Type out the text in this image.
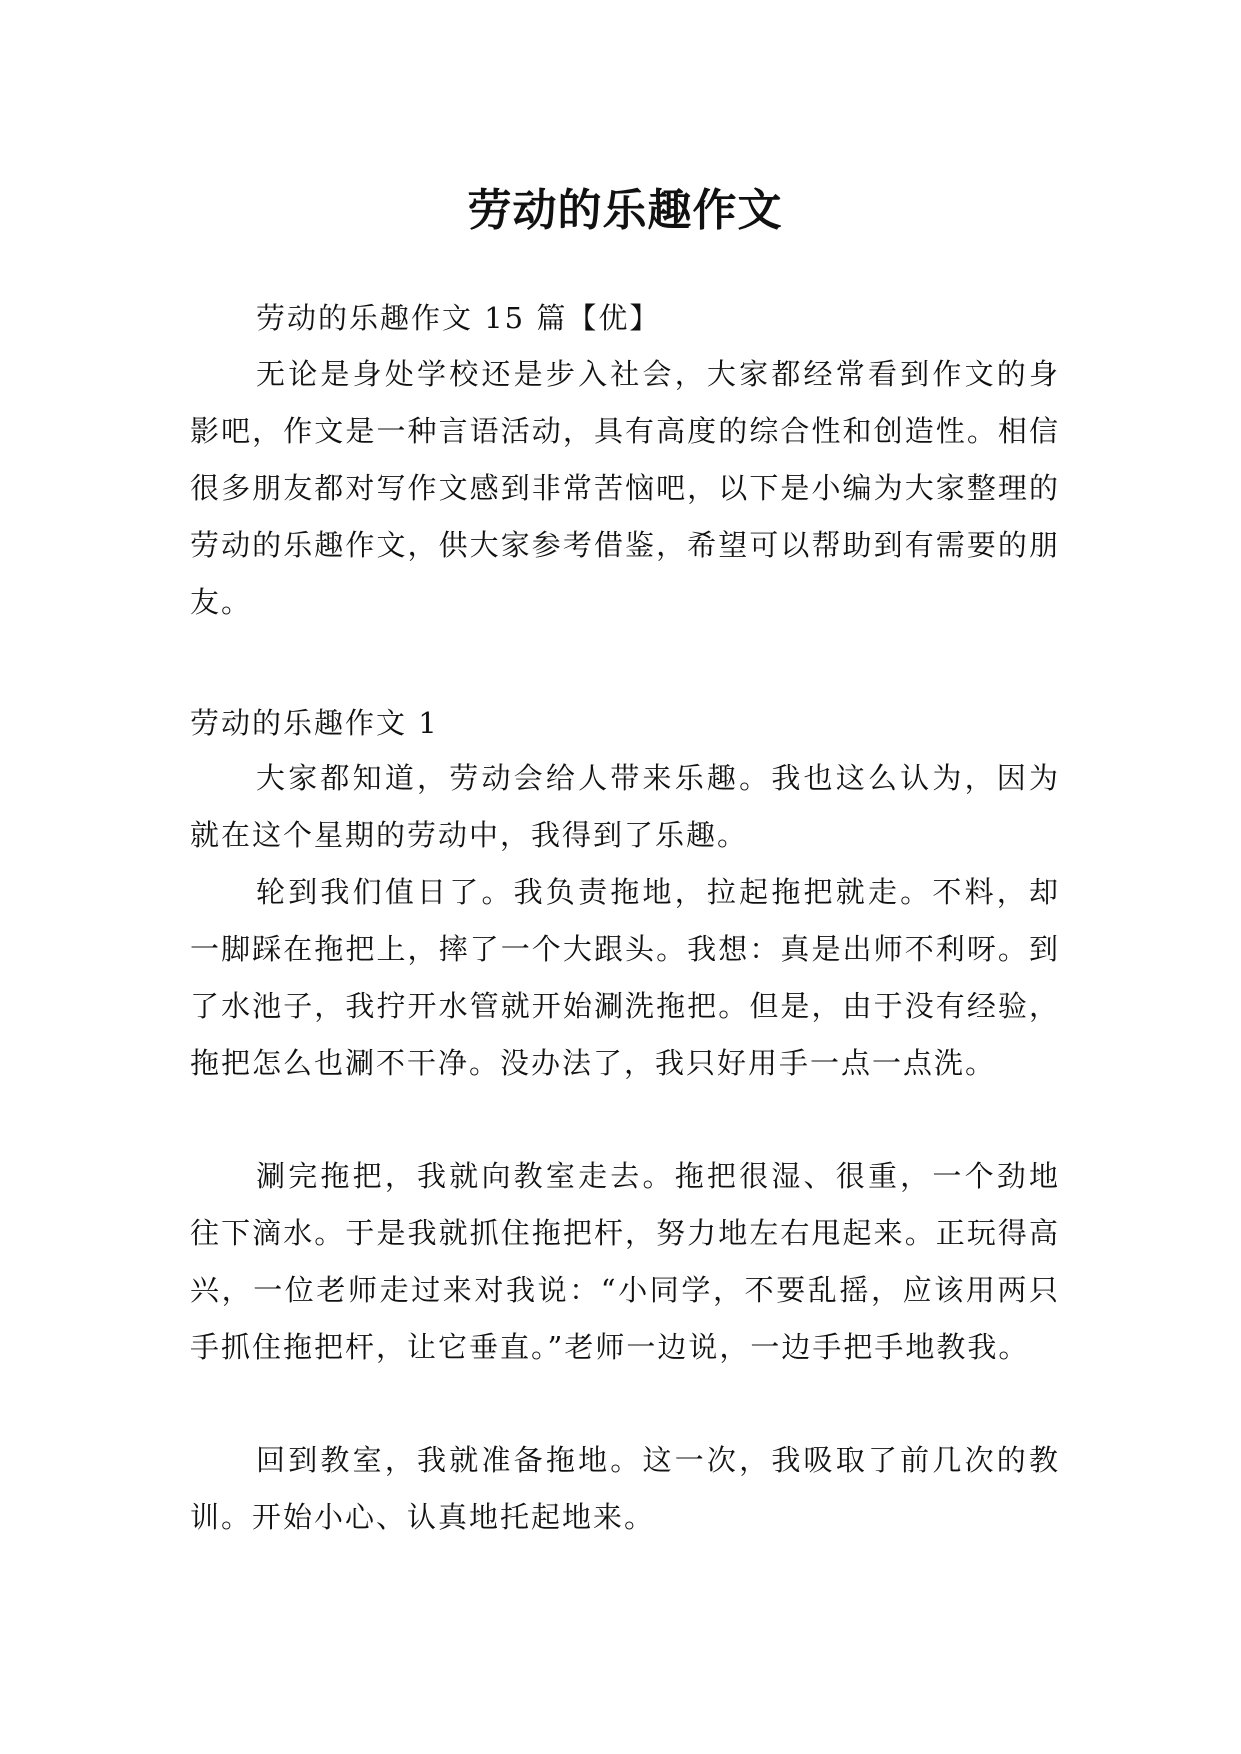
劳动的乐趣作文

劳动的乐趣作文 15 篇【优】

无论是身处学校还是步入社会，大家都经常看到作文的身影吧，作文是一种言语活动，具有高度的综合性和创造性。相信很多朋友都对写作文感到非常苦恼吧，以下是小编为大家整理的劳动的乐趣作文，供大家参考借鉴，希望可以帮助到有需要的朋友。

劳动的乐趣作文 1

大家都知道，劳动会给人带来乐趣。我也这么认为，因为就在这个星期的劳动中，我得到了乐趣。

轮到我们值日了。我负责拖地，拉起拖把就走。不料，却一脚踩在拖把上，摔了一个大跟头。我想：真是出师不利呀。到了水池子，我拧开水管就开始涮洗拖把。但是，由于没有经验，拖把怎么也涮不干净。没办法了，我只好用手一点一点洗。

涮完拖把，我就向教室走去。拖把很湿、很重，一个劲地往下滴水。于是我就抓住拖把杆，努力地左右甩起来。正玩得高兴，一位老师走过来对我说：“小同学，不要乱摇，应该用两只手抓住拖把杆，让它垂直。”老师一边说，一边手把手地教我。

回到教室，我就准备拖地。这一次，我吸取了前几次的教训。开始小心、认真地托起地来。
